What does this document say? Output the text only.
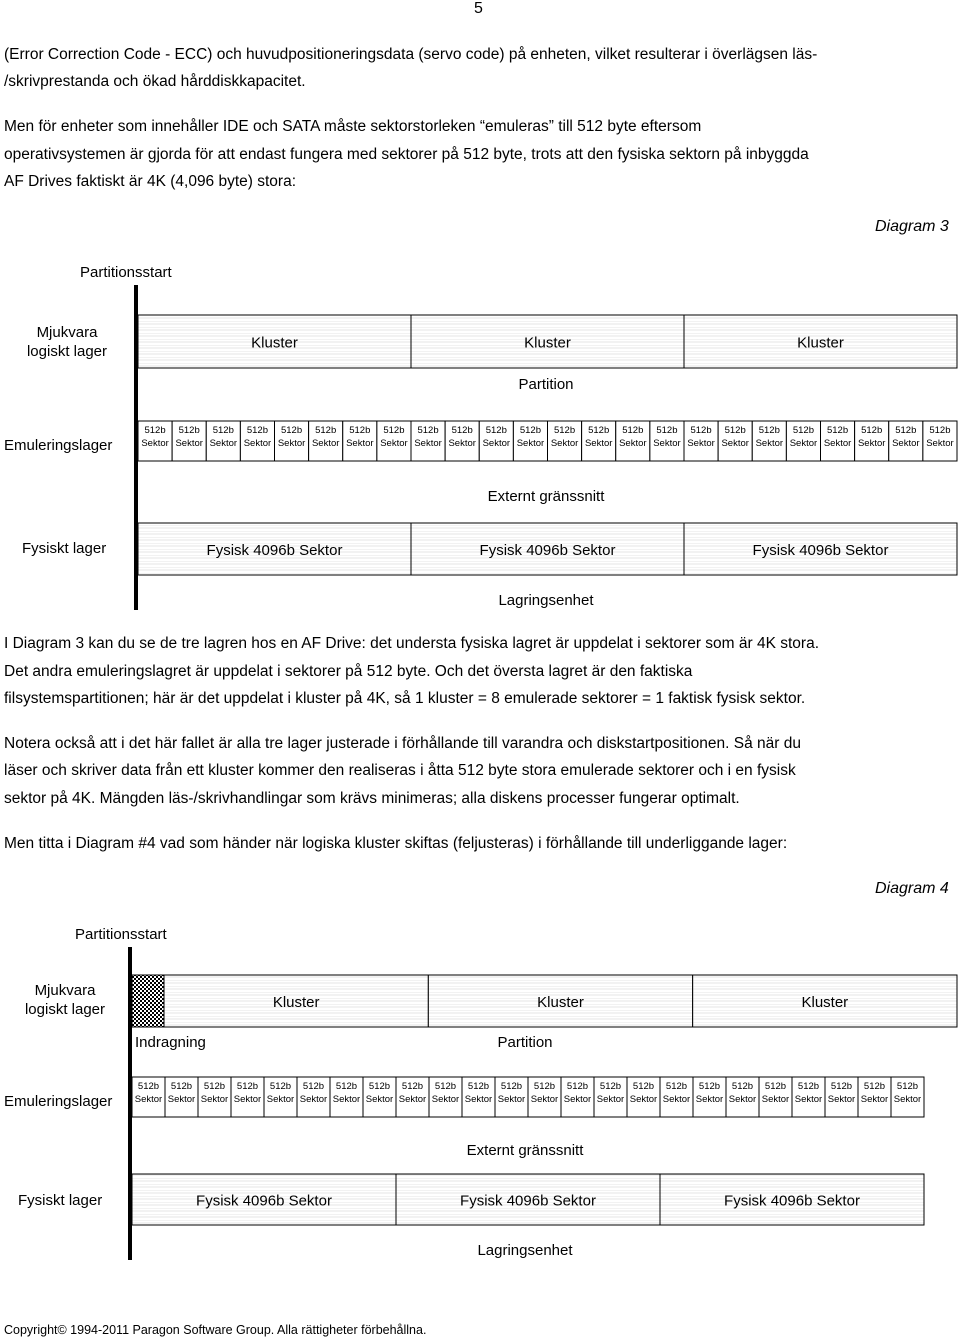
5
(Error Correction Code - ECC) och huvudpositioneringsdata (servo code) på enheten, vilket resulterar i överlägsen läs-
/skrivprestanda och ökad hårddiskkapacitet.
Men för enheter som innehåller IDE och SATA måste sektorstorleken “emuleras” till 512 byte eftersom
operativsystemen är gjorda för att endast fungera med sektorer på 512 byte, trots att den fysiska sektorn på inbyggda
AF Drives faktiskt är 4K (4,096 byte) stora:
Diagram 3
Partitionsstart
Mjukvara
logiskt lager	Kluster	Kluster	Kluster
Partition
Emuleringslager
512b
Sektor
512b
Sektor
512b
Sektor
512b
Sektor
512b
Sektor
512b
Sektor
512b
Sektor
512b
Sektor
512b
Sektor
512b
Sektor
512b
Sektor
512b
Sektor
512b
Sektor
512b
Sektor
512b
Sektor
512b
Sektor
512b
Sektor
512b
Sektor
512b
Sektor
512b
Sektor
512b
Sektor
512b
Sektor
512b
Sektor
512b
Sektor
Externt gränssnitt
Fysiskt lager	Fysisk 4096b Sektor	Fysisk 4096b Sektor	Fysisk 4096b Sektor
Lagringsenhet
I Diagram 3 kan du se de tre lagren hos en AF Drive: det understa fysiska lagret är uppdelat i sektorer som är 4K stora.
Det andra emuleringslagret är uppdelat i sektorer på 512 byte. Och det översta lagret är den faktiska
filsystemspartitionen; här är det uppdelat i kluster på 4K, så 1 kluster = 8 emulerade sektorer = 1 faktisk fysisk sektor.
Notera också att i det här fallet är alla tre lager justerade i förhållande till varandra och diskstartpositionen. Så när du
läser och skriver data från ett kluster kommer den realiseras i åtta 512 byte stora emulerade sektorer och i en fysisk
sektor på 4K. Mängden läs-/skrivhandlingar som krävs minimeras; alla diskens processer fungerar optimalt.
Men titta i Diagram #4 vad som händer när logiska kluster skiftas (feljusteras) i förhållande till underliggande lager:
Diagram 4
Partitionsstart
Mjukvara
logiskt lager	Kluster	Kluster	Kluster
Indragning	Partition
Emuleringslager
512b
Sektor
512b
Sektor
512b
Sektor
512b
Sektor
512b
Sektor
512b
Sektor
512b
Sektor
512b
Sektor
512b
Sektor
512b
Sektor
512b
Sektor
512b
Sektor
512b
Sektor
512b
Sektor
512b
Sektor
512b
Sektor
512b
Sektor
512b
Sektor
512b
Sektor
512b
Sektor
512b
Sektor
512b
Sektor
512b
Sektor
512b
Sektor
Externt gränssnitt
Fysiskt lager	Fysisk 4096b Sektor	Fysisk 4096b Sektor	Fysisk 4096b Sektor
Lagringsenhet
Copyright© 1994-2011 Paragon Software Group. Alla rättigheter förbehållna.
